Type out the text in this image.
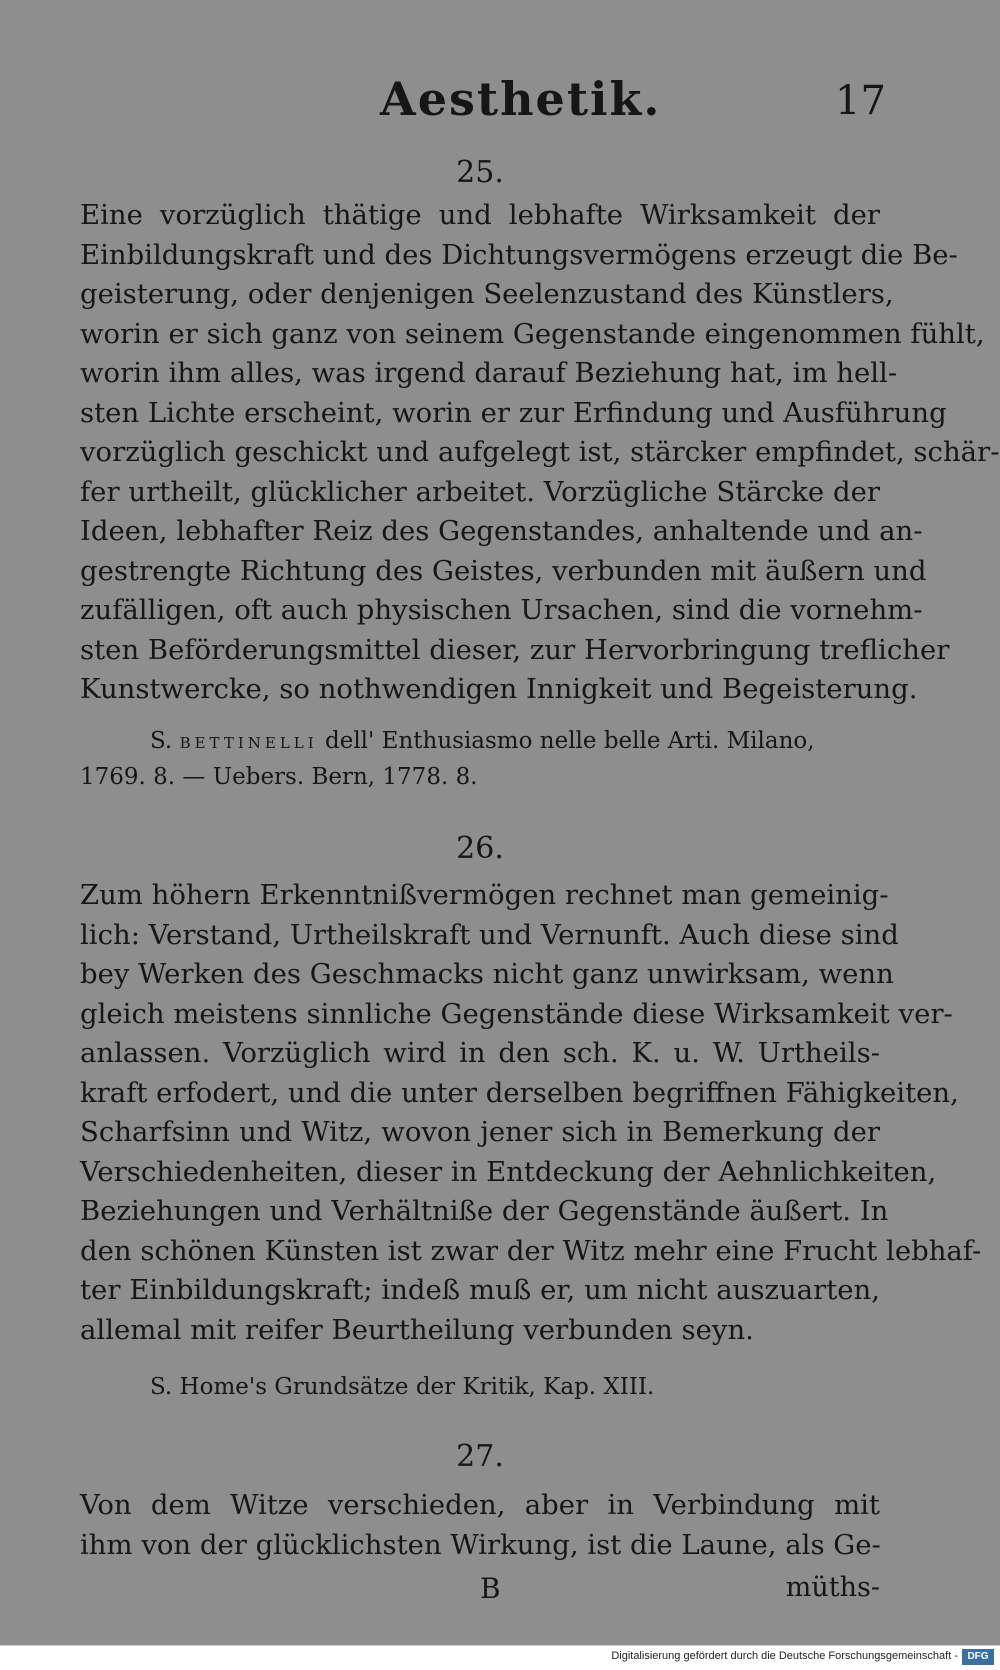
Aesthetik.	17

25.

Eine vorzüglich thätige und lebhafte Wirksamkeit der
Einbildungskraft und des Dichtungsvermögens erzeugt die Be-
geisterung, oder denjenigen Seelenzustand des Künstlers,
worin er sich ganz von seinem Gegenstande eingenommen fühlt,
worin ihm alles, was irgend darauf Beziehung hat, im hell-
sten Lichte erscheint, worin er zur Erfindung und Ausführung
vorzüglich geschickt und aufgelegt ist, stärcker empfindet, schär-
fer urtheilt, glücklicher arbeitet. Vorzügliche Stärcke der
Ideen, lebhafter Reiz des Gegenstandes, anhaltende und an-
gestrengte Richtung des Geistes, verbunden mit äußern und
zufälligen, oft auch physischen Ursachen, sind die vornehm-
sten Beförderungsmittel dieser, zur Hervorbringung treflicher
Kunstwercke, so nothwendigen Innigkeit und Begeisterung.
S. BETTINELLI dell' Enthusiasmo nelle belle Arti. Milano,
1769. 8. — Uebers. Bern, 1778. 8.

26.

Zum höhern Erkenntnißvermögen rechnet man gemeinig-
lich: Verstand, Urtheilskraft und Vernunft. Auch diese sind
bey Werken des Geschmacks nicht ganz unwirksam, wenn
gleich meistens sinnliche Gegenstände diese Wirksamkeit ver-
anlassen. Vorzüglich wird in den sch. K. u. W. Urtheils-
kraft erfodert, und die unter derselben begriffnen Fähigkeiten,
Scharfsinn und Witz, wovon jener sich in Bemerkung der
Verschiedenheiten, dieser in Entdeckung der Aehnlichkeiten,
Beziehungen und Verhältniße der Gegenstände äußert. In
den schönen Künsten ist zwar der Witz mehr eine Frucht lebhaf-
ter Einbildungskraft; indeß muß er, um nicht auszuarten,
allemal mit reifer Beurtheilung verbunden seyn.
S. Home's Grundsätze der Kritik, Kap. XIII.

27.

Von dem Witze verschieden, aber in Verbindung mit
ihm von der glücklichsten Wirkung, ist die Laune, als Ge-
B	müths-
Digitalisierung gefördert durch die Deutsche Forschungsgemeinschaft - DFG
